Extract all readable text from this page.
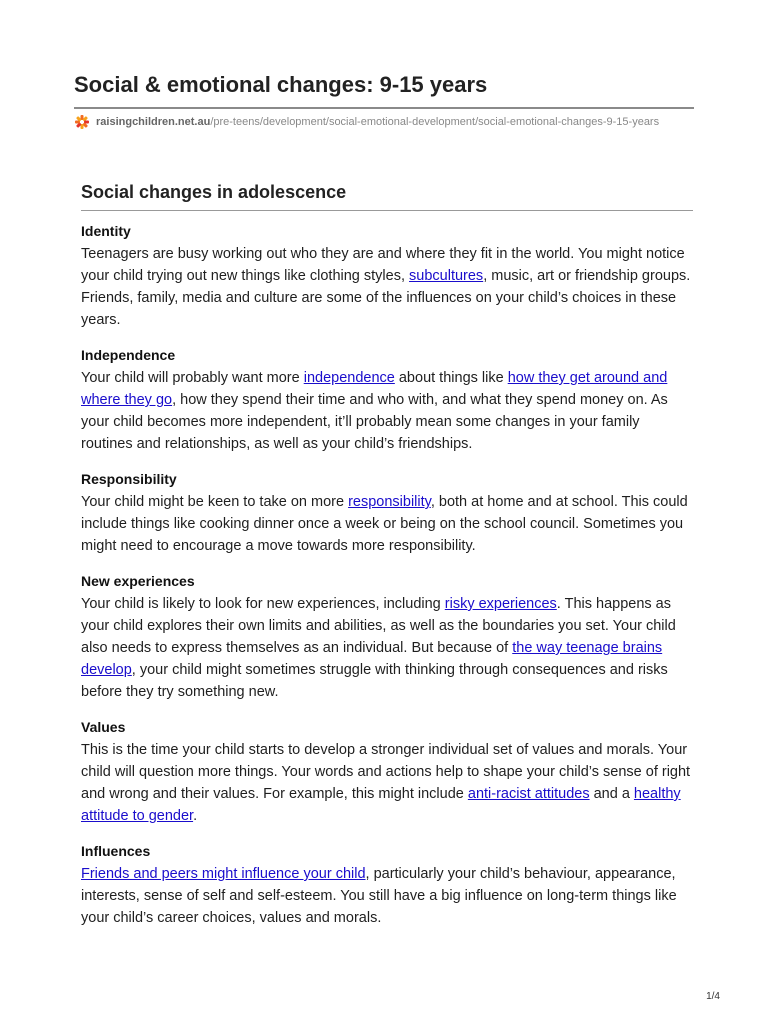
Social & emotional changes: 9-15 years
raisingchildren.net.au /pre-teens/development/social-emotional-development/social-emotional-changes-9-15-years
Social changes in adolescence
Identity

Teenagers are busy working out who they are and where they fit in the world. You might notice your child trying out new things like clothing styles, subcultures, music, art or friendship groups. Friends, family, media and culture are some of the influences on your child’s choices in these years.

Independence

Your child will probably want more independence about things like how they get around and where they go, how they spend their time and who with, and what they spend money on. As your child becomes more independent, it’ll probably mean some changes in your family routines and relationships, as well as your child’s friendships.

Responsibility

Your child might be keen to take on more responsibility, both at home and at school. This could include things like cooking dinner once a week or being on the school council. Sometimes you might need to encourage a move towards more responsibility.

New experiences

Your child is likely to look for new experiences, including risky experiences. This happens as your child explores their own limits and abilities, as well as the boundaries you set. Your child also needs to express themselves as an individual. But because of the way teenage brains develop, your child might sometimes struggle with thinking through consequences and risks before they try something new.

Values

This is the time your child starts to develop a stronger individual set of values and morals. Your child will question more things. Your words and actions help to shape your child’s sense of right and wrong and their values. For example, this might include anti-racist attitudes and a healthy attitude to gender.

Influences

Friends and peers might influence your child, particularly your child’s behaviour, appearance, interests, sense of self and self-esteem. You still have a big influence on long-term things like your child’s career choices, values and morals.

1/4
